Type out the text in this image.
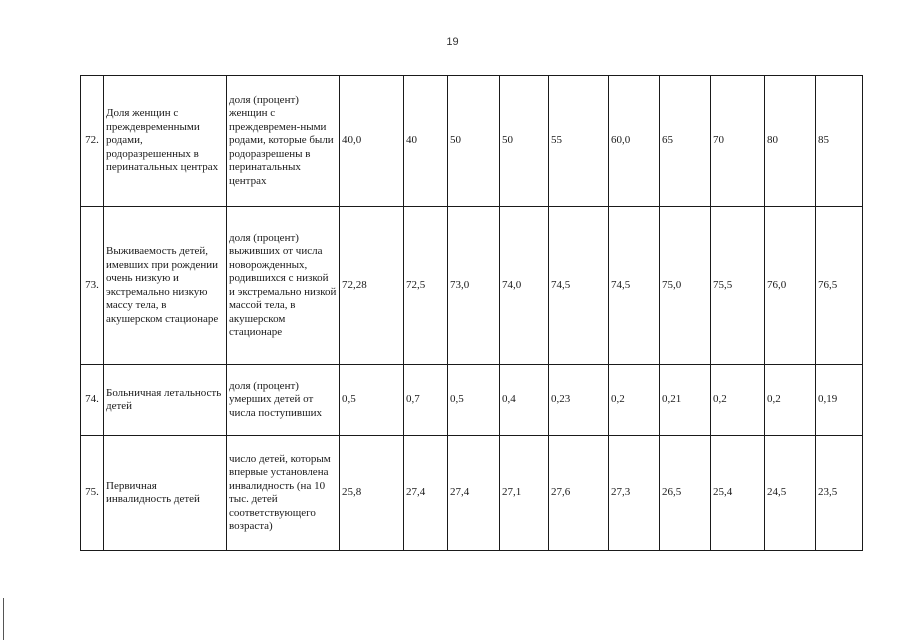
19
72.	Доля женщин с преждевременными родами, родоразрешенных в перинатальных центрах	доля (процент) женщин с преждевремен-ными родами, которые были родоразрешены в перинатальных центрах	40,0	40	50	50	55	60,0	65	70	80	85
73.	Выживаемость детей, имевших при рождении очень низкую и экстремально низкую массу тела, в акушерском стационаре	доля (процент) выживших от числа новорожденных, родившихся с низкой и экстремально низкой массой тела, в акушерском стационаре	72,28	72,5	73,0	74,0	74,5	74,5	75,0	75,5	76,0	76,5
74.	Больничная летальность детей	доля (процент) умерших детей от числа поступивших	0,5	0,7	0,5	0,4	0,23	0,2	0,21	0,2	0,2	0,19
75.	Первичная инвалидность детей	число детей, которым впервые установлена инвалидность (на 10 тыс. детей соответствующего возраста)	25,8	27,4	27,4	27,1	27,6	27,3	26,5	25,4	24,5	23,5
